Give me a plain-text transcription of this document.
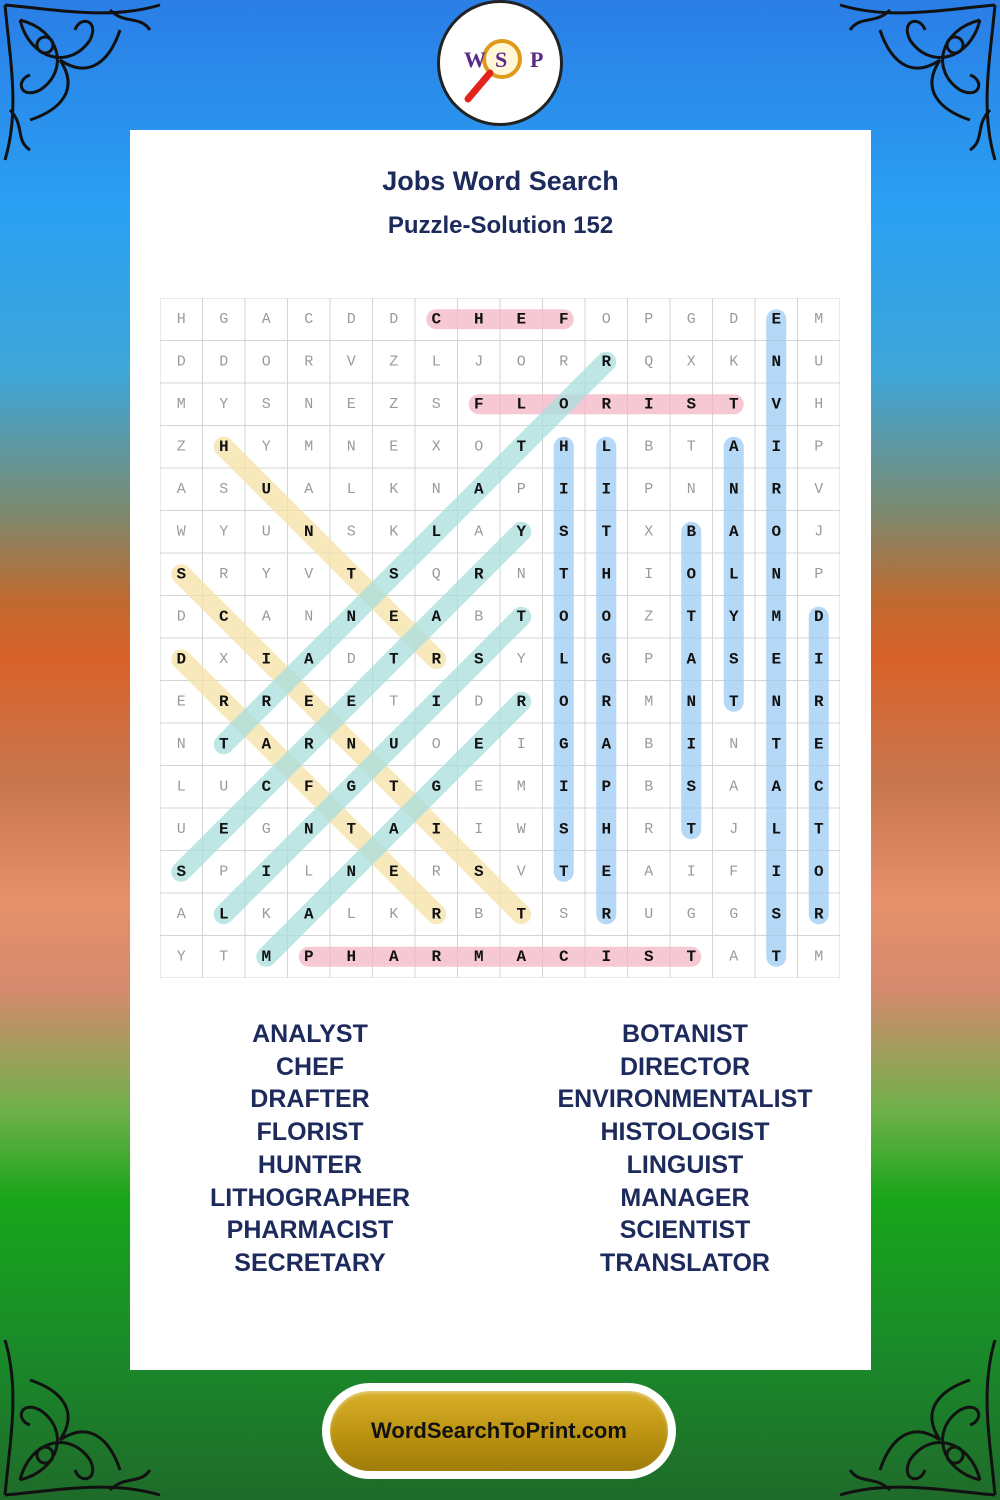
W S P
Jobs Word Search
Puzzle-Solution 152
H G A C D D C H E F O P G D E M
D D O R V Z L J O R R Q X K N U
M Y S N E Z S F L O R I S T V H
Z H Y M N E X O T H L B T A I P
A S U A L K N A P I I P N N R V
W Y U N S K L A Y S T X B A O J
S R Y V T S Q R N T H I O L N P
D C A N N E A B T O O Z T Y M D
D X I A D T R S Y L G P A S E I
E R R E E T I D R O R M N T N R
N T A R N U O E I G A B I N T E
L U C F G T G E M I P B S A A C
U E G N T A I I W S H R T J L T
S P I L N E R S V T E A I F I O
A L K A L K R B T S R U G G S R
Y T M P H A R M A C I S T A T M
ANALYST
CHEF
DRAFTER
FLORIST
HUNTER
LITHOGRAPHER
PHARMACIST
SECRETARY
BOTANIST
DIRECTOR
ENVIRONMENTALIST
HISTOLOGIST
LINGUIST
MANAGER
SCIENTIST
TRANSLATOR
WordSearchToPrint.com
